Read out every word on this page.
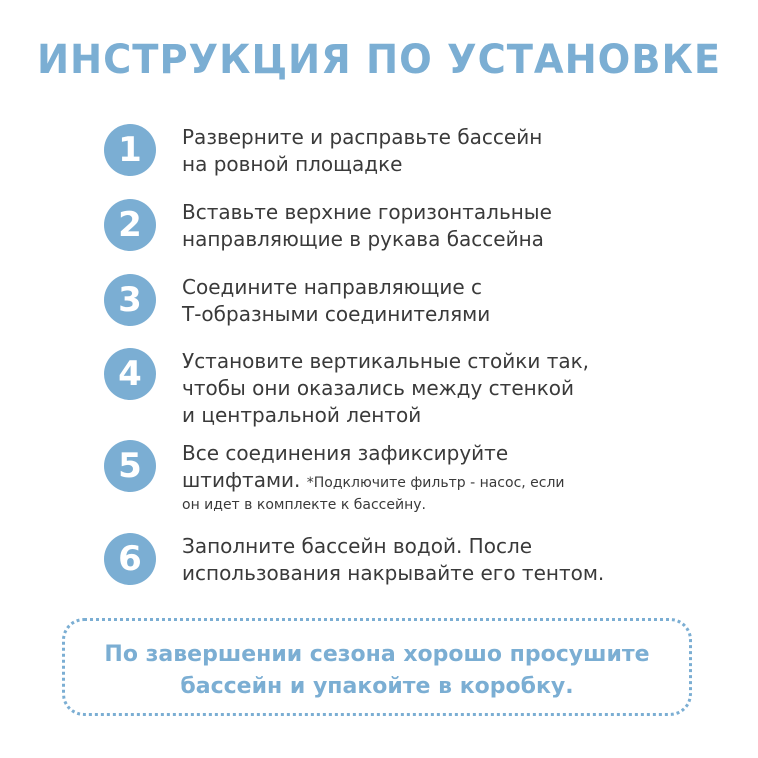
ИНСТРУКЦИЯ ПО УСТАНОВКЕ
1 Разверните и расправьте бассейн
на ровной площадке
2 Вставьте верхние горизонтальные
направляющие в рукава бассейна
3 Соедините направляющие с
Т-образными соединителями
4 Установите вертикальные стойки так,
чтобы они оказались между стенкой
и центральной лентой
5 Все соединения зафиксируйте
штифтами. *Подключите фильтр - насос, если
он идет в комплекте к бассейну.
6 Заполните бассейн водой. После
использования накрывайте его тентом.
По завершении сезона хорошо просушите
бассейн и упакойте в коробку.
